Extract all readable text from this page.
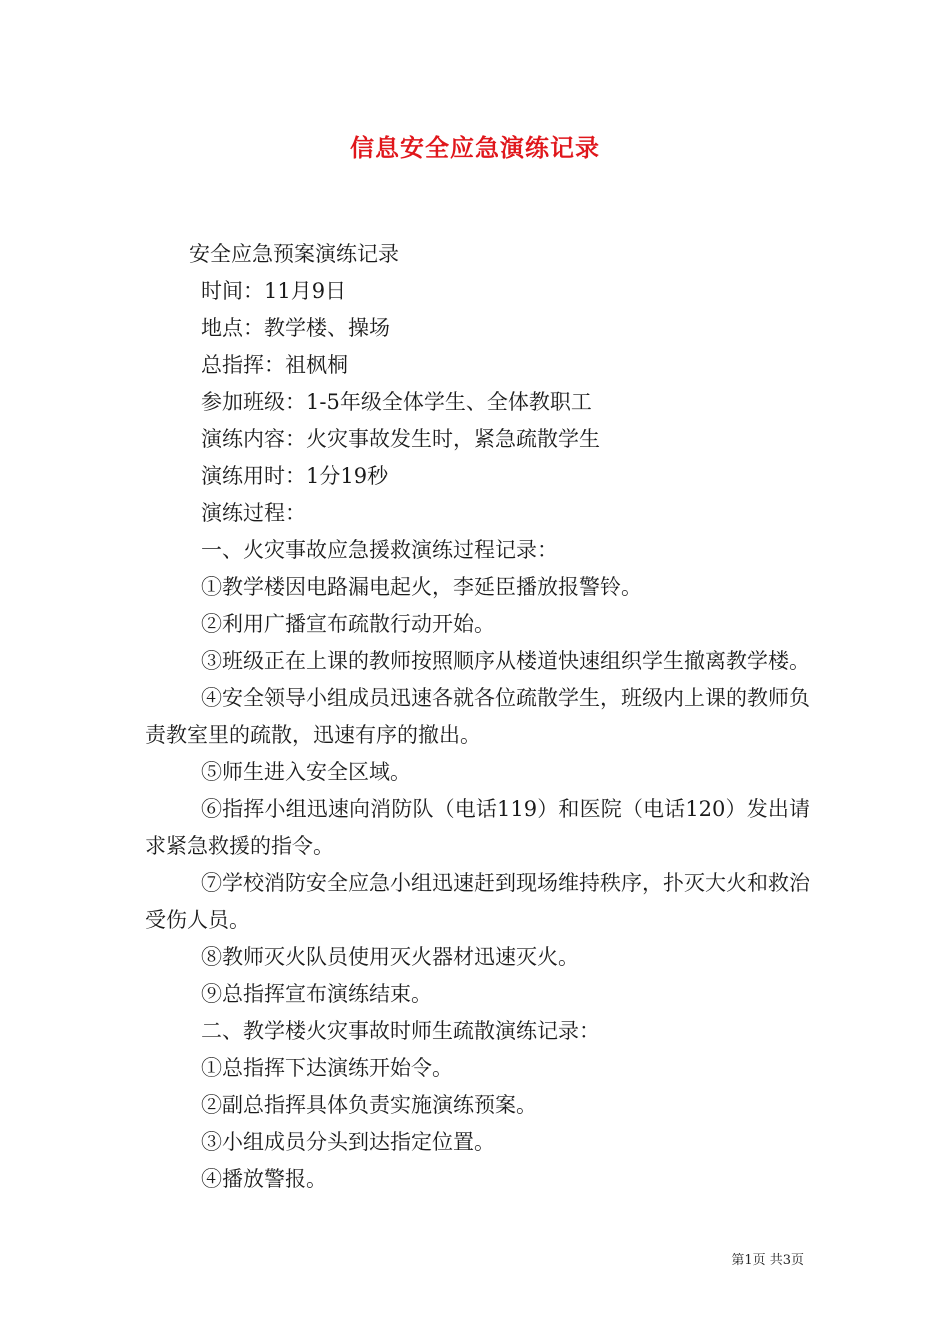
信息安全应急演练记录

安全应急预案演练记录

时间：11月9日

地点：教学楼、操场

总指挥：祖枫桐

参加班级：1-5年级全体学生、全体教职工

演练内容：火灾事故发生时，紧急疏散学生

演练用时：1分19秒

演练过程：

一、火灾事故应急援救演练过程记录：

①教学楼因电路漏电起火，李延臣播放报警铃。

②利用广播宣布疏散行动开始。

③班级正在上课的教师按照顺序从楼道快速组织学生撤离教学楼。

④安全领导小组成员迅速各就各位疏散学生，班级内上课的教师负责教室里的疏散，迅速有序的撤出。

⑤师生进入安全区域。

⑥指挥小组迅速向消防队（电话119）和医院（电话120）发出请求紧急救援的指令。

⑦学校消防安全应急小组迅速赶到现场维持秩序，扑灭大火和救治受伤人员。

⑧教师灭火队员使用灭火器材迅速灭火。

⑨总指挥宣布演练结束。

二、教学楼火灾事故时师生疏散演练记录：

①总指挥下达演练开始令。

②副总指挥具体负责实施演练预案。

③小组成员分头到达指定位置。

④播放警报。

第1页 共3页
